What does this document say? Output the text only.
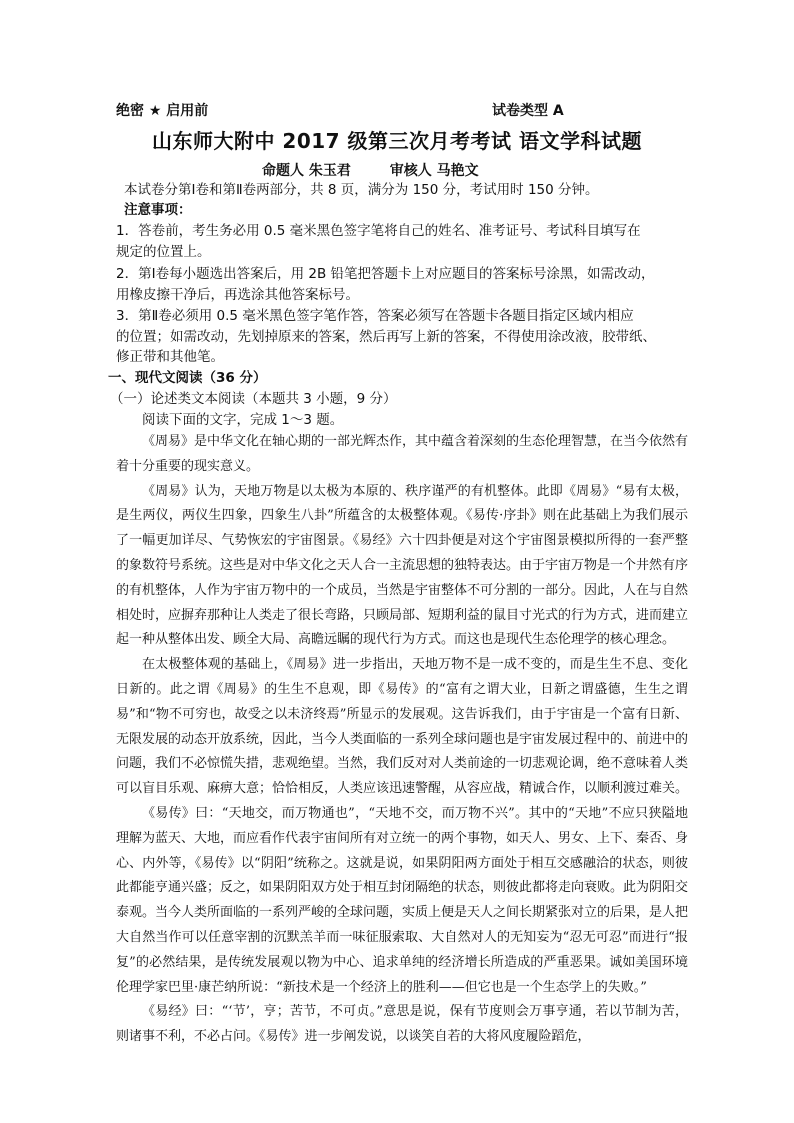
绝密 ★ 启用前	试卷类型 A
山东师大附中 2017 级第三次月考考试 语文学科试题
命题人 朱玉君	审核人 马艳文
本试卷分第Ⅰ卷和第Ⅱ卷两部分，共 8 页，满分为 150 分，考试用时 150 分钟。
注意事项：
1．答卷前，考生务必用 0.5 毫米黑色签字笔将自己的姓名、准考证号、考试科目填写在
规定的位置上。
2．第Ⅰ卷每小题选出答案后，用 2B 铅笔把答题卡上对应题目的答案标号涂黑，如需改动，
用橡皮擦干净后，再选涂其他答案标号。
3．第Ⅱ卷必须用 0.5 毫米黑色签字笔作答，答案必须写在答题卡各题目指定区域内相应
的位置；如需改动，先划掉原来的答案，然后再写上新的答案，不得使用涂改液，胶带纸、
修正带和其他笔。
一、现代文阅读（36 分）
（一）论述类文本阅读（本题共 3 小题，9 分）
阅读下面的文字，完成 1～3 题。

《周易》是中华文化在轴心期的一部光辉杰作，其中蕴含着深刻的生态伦理智慧，在当今依然有着十分重要的现实意义。

《周易》认为，天地万物是以太极为本原的、秩序谨严的有机整体。此即《周易》“易有太极，是生两仪，两仪生四象，四象生八卦”所蕴含的太极整体观。《易传·序卦》则在此基础上为我们展示了一幅更加详尽、气势恢宏的宇宙图景。《易经》六十四卦便是对这个宇宙图景模拟所得的一套严整的象数符号系统。这些是对中华文化之天人合一主流思想的独特表达。由于宇宙万物是一个井然有序的有机整体，人作为宇宙万物中的一个成员，当然是宇宙整体不可分割的一部分。因此，人在与自然相处时，应摒弃那种让人类走了很长弯路，只顾局部、短期利益的鼠目寸光式的行为方式，进而建立起一种从整体出发、顾全大局、高瞻远瞩的现代行为方式。而这也是现代生态伦理学的核心理念。

在太极整体观的基础上，《周易》进一步指出，天地万物不是一成不变的，而是生生不息、变化日新的。此之谓《周易》的生生不息观，即《易传》的“富有之谓大业，日新之谓盛德，生生之谓易”和“物不可穷也，故受之以未济终焉”所显示的发展观。这告诉我们，由于宇宙是一个富有日新、无限发展的动态开放系统，因此，当今人类面临的一系列全球问题也是宇宙发展过程中的、前进中的问题，我们不必惊慌失措，悲观绝望。当然，我们反对对人类前途的一切悲观论调，绝不意味着人类可以盲目乐观、麻痹大意；恰恰相反，人类应该迅速警醒，从容应战，精诚合作，以顺利渡过难关。

《易传》曰：“天地交，而万物通也”，“天地不交，而万物不兴”。其中的“天地”不应只狭隘地理解为蓝天、大地，而应看作代表宇宙间所有对立统一的两个事物，如天人、男女、上下、秦否、身心、内外等，《易传》以“阴阳”统称之。这就是说，如果阴阳两方面处于相互交感融洽的状态，则彼此都能亨通兴盛；反之，如果阴阳双方处于相互封闭隔绝的状态，则彼此都将走向衰败。此为阴阳交泰观。当今人类所面临的一系列严峻的全球问题，实质上便是天人之间长期紧张对立的后果，是人把大自然当作可以任意宰割的沉默羔羊而一味征服索取、大自然对人的无知妄为“忍无可忍”而进行“报复”的必然结果，是传统发展观以物为中心、追求单纯的经济增长所造成的严重恶果。诚如美国环境伦理学家巴里·康芒纳所说：“新技术是一个经济上的胜利——但它也是一个生态学上的失败。”

《易经》曰：“‘节’，亨；苦节，不可贞。”意思是说，保有节度则会万事亨通，若以节制为苦，则诸事不利，不必占问。《易传》进一步阐发说，以谈笑自若的大将风度履险蹈危，
